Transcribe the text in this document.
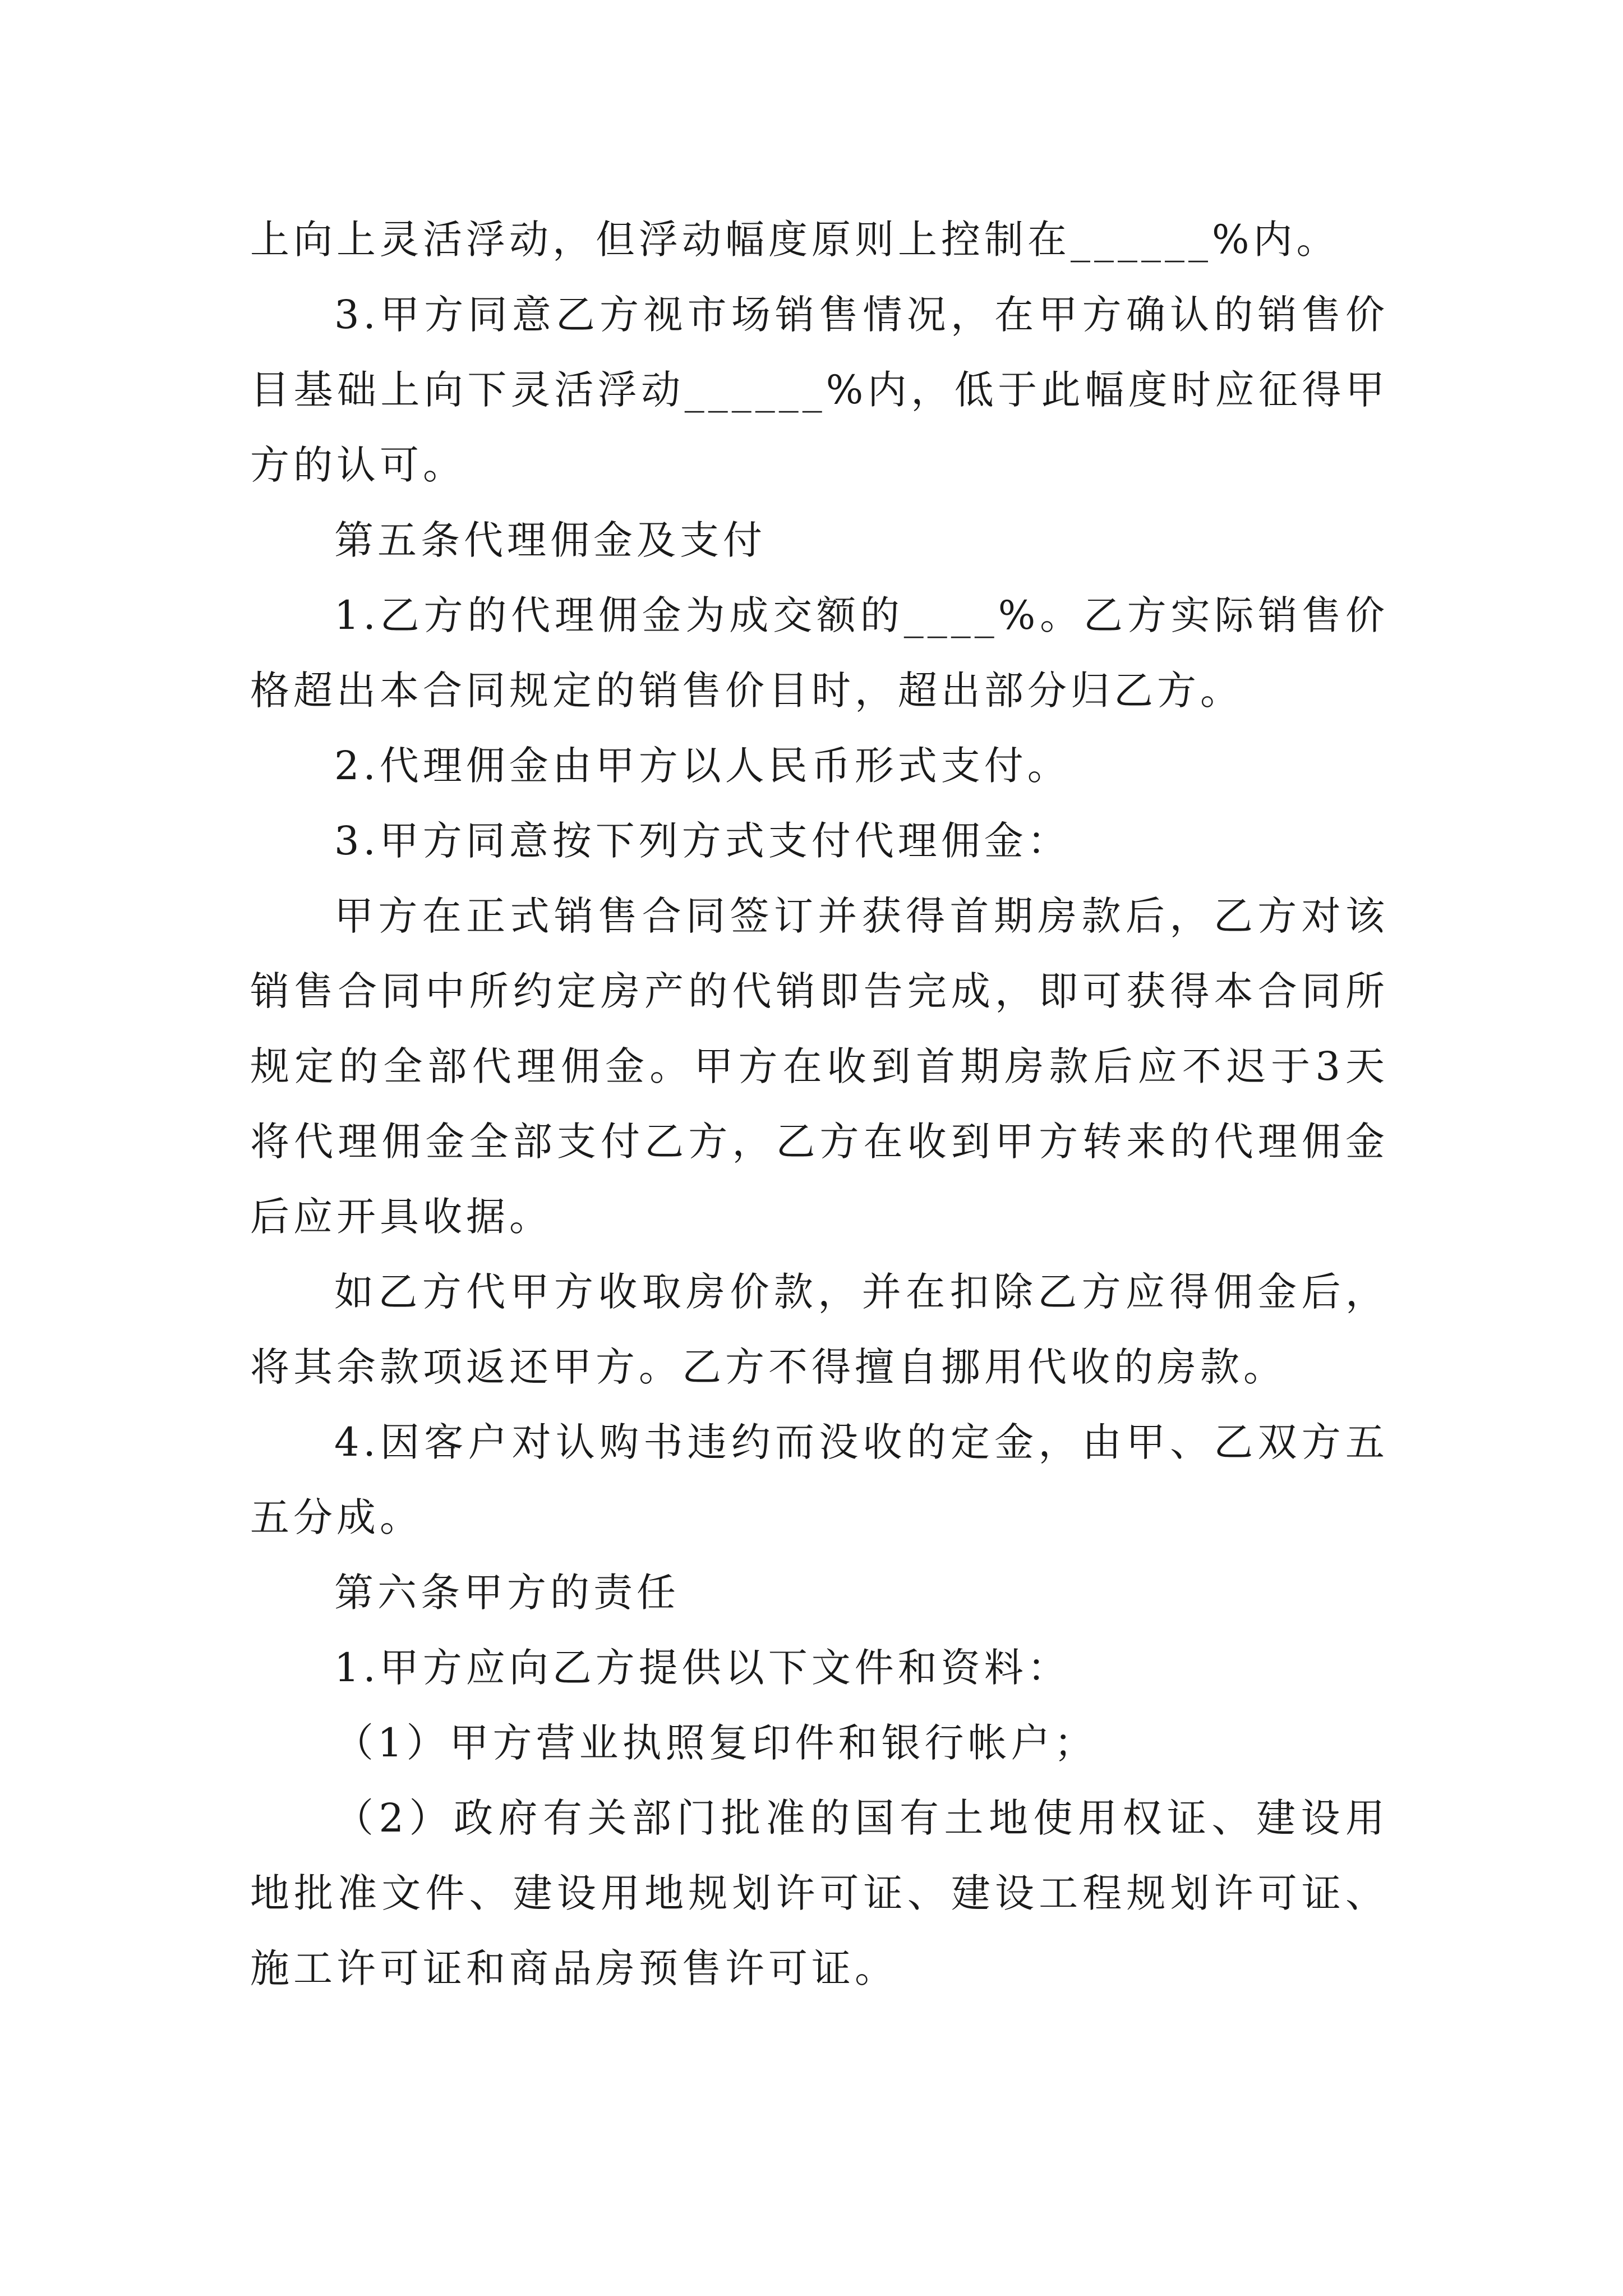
上向上灵活浮动，但浮动幅度原则上控制在______%内。

3.甲方同意乙方视市场销售情况，在甲方确认的销售价目基础上向下灵活浮动______%内，低于此幅度时应征得甲方的认可。

第五条代理佣金及支付

1.乙方的代理佣金为成交额的____%。乙方实际销售价格超出本合同规定的销售价目时，超出部分归乙方。

2.代理佣金由甲方以人民币形式支付。

3.甲方同意按下列方式支付代理佣金：

甲方在正式销售合同签订并获得首期房款后，乙方对该销售合同中所约定房产的代销即告完成，即可获得本合同所规定的全部代理佣金。甲方在收到首期房款后应不迟于3天将代理佣金全部支付乙方，乙方在收到甲方转来的代理佣金后应开具收据。

如乙方代甲方收取房价款，并在扣除乙方应得佣金后，将其余款项返还甲方。乙方不得擅自挪用代收的房款。

4.因客户对认购书违约而没收的定金，由甲、乙双方五五分成。

第六条甲方的责任

1.甲方应向乙方提供以下文件和资料：

（1）甲方营业执照复印件和银行帐户；

（2）政府有关部门批准的国有土地使用权证、建设用地批准文件、建设用地规划许可证、建设工程规划许可证、施工许可证和商品房预售许可证。
